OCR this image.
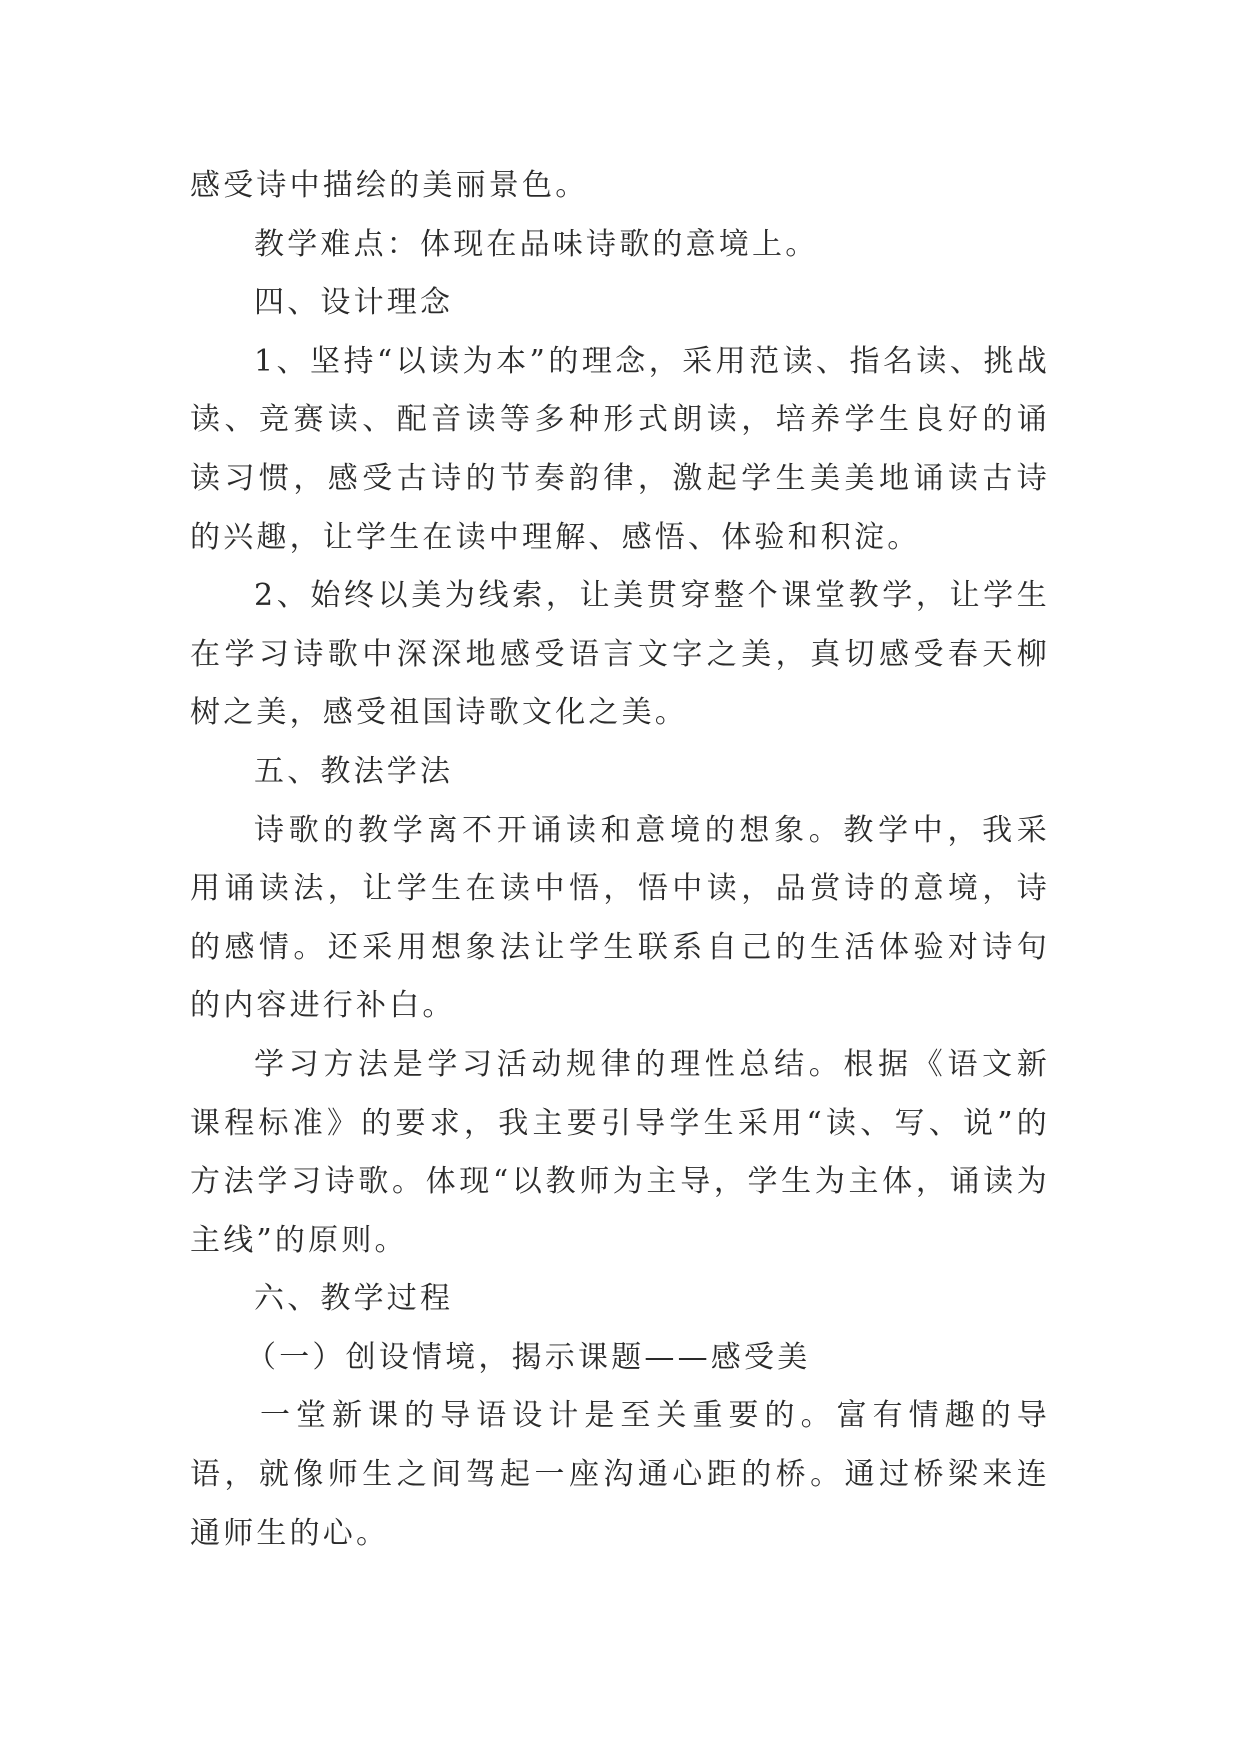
感受诗中描绘的美丽景色。

教学难点：体现在品味诗歌的意境上。

四、设计理念

1、坚持“以读为本”的理念，采用范读、指名读、挑战读、竞赛读、配音读等多种形式朗读，培养学生良好的诵读习惯，感受古诗的节奏韵律，激起学生美美地诵读古诗的兴趣，让学生在读中理解、感悟、体验和积淀。

2、始终以美为线索，让美贯穿整个课堂教学，让学生在学习诗歌中深深地感受语言文字之美，真切感受春天柳树之美，感受祖国诗歌文化之美。

五、教法学法

诗歌的教学离不开诵读和意境的想象。教学中，我采用诵读法，让学生在读中悟，悟中读，品赏诗的意境，诗的感情。还采用想象法让学生联系自己的生活体验对诗句的内容进行补白。

学习方法是学习活动规律的理性总结。根据《语文新课程标准》的要求，我主要引导学生采用“读、写、说”的方法学习诗歌。体现“以教师为主导，学生为主体，诵读为主线”的原则。

六、教学过程

（一）创设情境，揭示课题——感受美

一堂新课的导语设计是至关重要的。富有情趣的导语，就像师生之间驾起一座沟通心距的桥。通过桥梁来连通师生的心。
